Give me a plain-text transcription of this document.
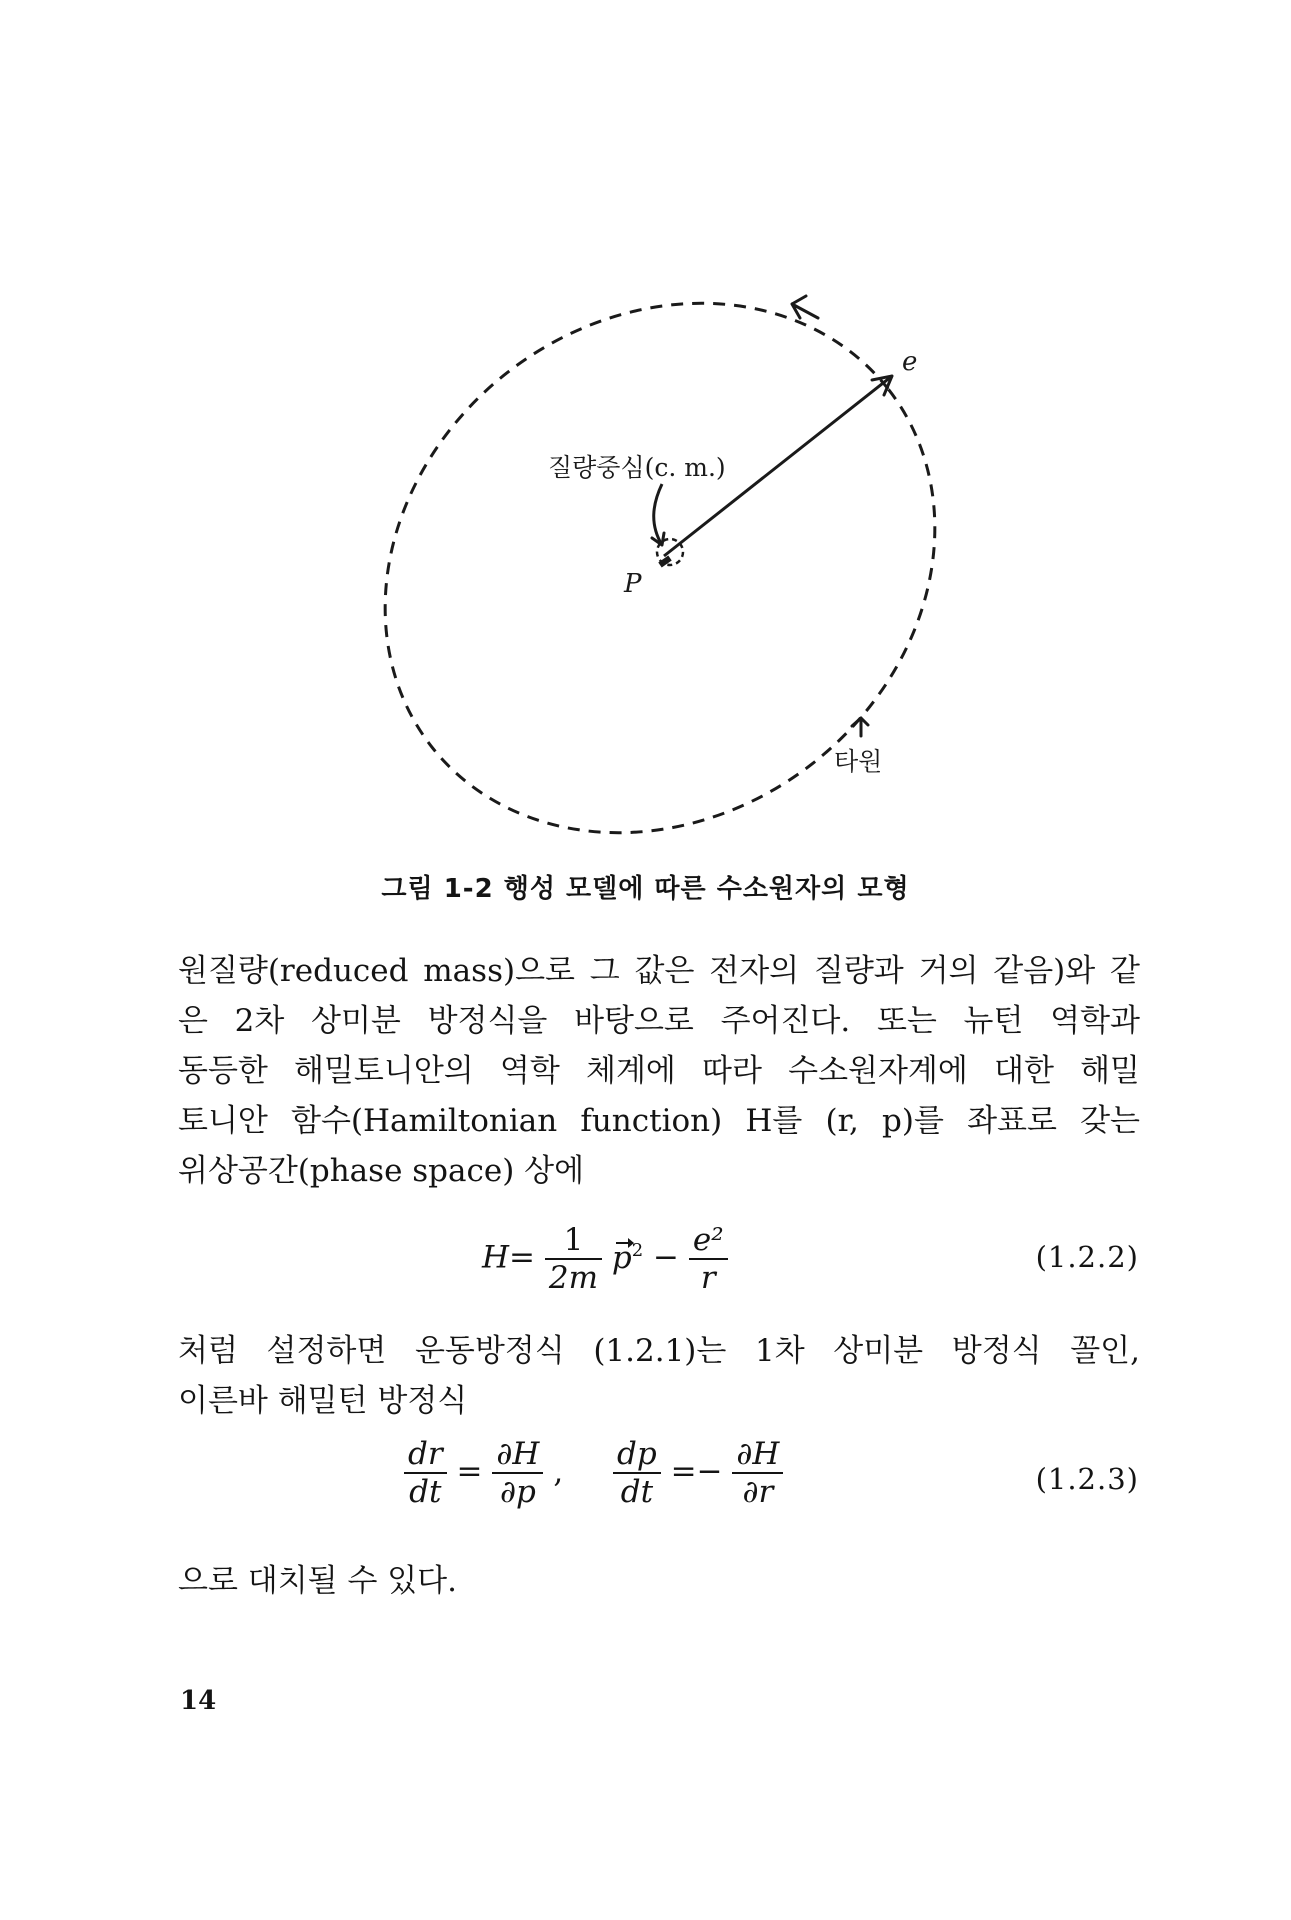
e
질량중심(c. m.)
P
타원
그림 1-2 행성 모델에 따른 수소원자의 모형
원질량(reduced mass)으로 그 값은 전자의 질량과 거의 같음)와 같
은 2차 상미분 방정식을 바탕으로 주어진다. 또는 뉴턴 역학과
동등한 해밀토니안의 역학 체계에 따라 수소원자계에 대한 해밀
토니안 함수(Hamiltonian function) H를 (r, p)를 좌표로 갖는
위상공간(phase space) 상에
$H= \frac{1}{2m} p^2 - \frac{\text{e²}}{r}$	(1.2.2)
처럼 설정하면 운동방정식 (1.2.1)는 1차 상미분 방정식 꼴인,
이른바 해밀턴 방정식
$\frac{dr}{dt} = \frac{\partial H}{\partial p}$ , $\frac{dp}{dt} =- \frac{\partial H}{\partial r}$	(1.2.3)
으로 대치될 수 있다.
14
